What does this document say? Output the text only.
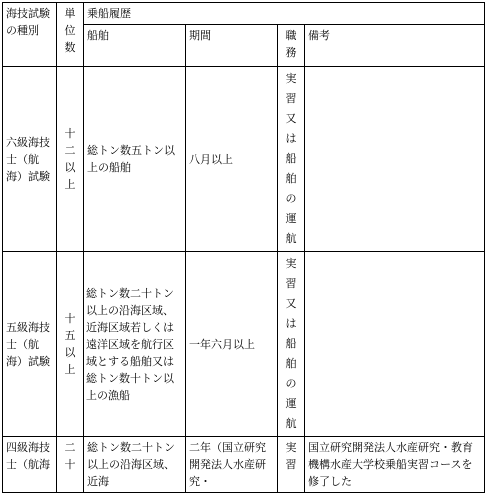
海技試験の種別	単位数	乗船履歴			
		船舶	期間	職務	備考
六級海技士（航海）試験	十二以上	総トン数五トン以上の船舶	八月以上	実習又は船舶の運航	
五級海技士（航海）試験	十五以上	総トン数二十トン以上の沿海区域、近海区域若しくは遠洋区域を航行区域とする船舶又は総トン数十トン以上の漁船	一年六月以上	実習又は船舶の運航	
四級海技士（航海	二十	総トン数二十トン以上の沿海区域、近海	二年（国立研究開発法人水産研究・	実習	国立研究開発法人水産研究・教育機構水産大学校乗船実習コースを修了した
